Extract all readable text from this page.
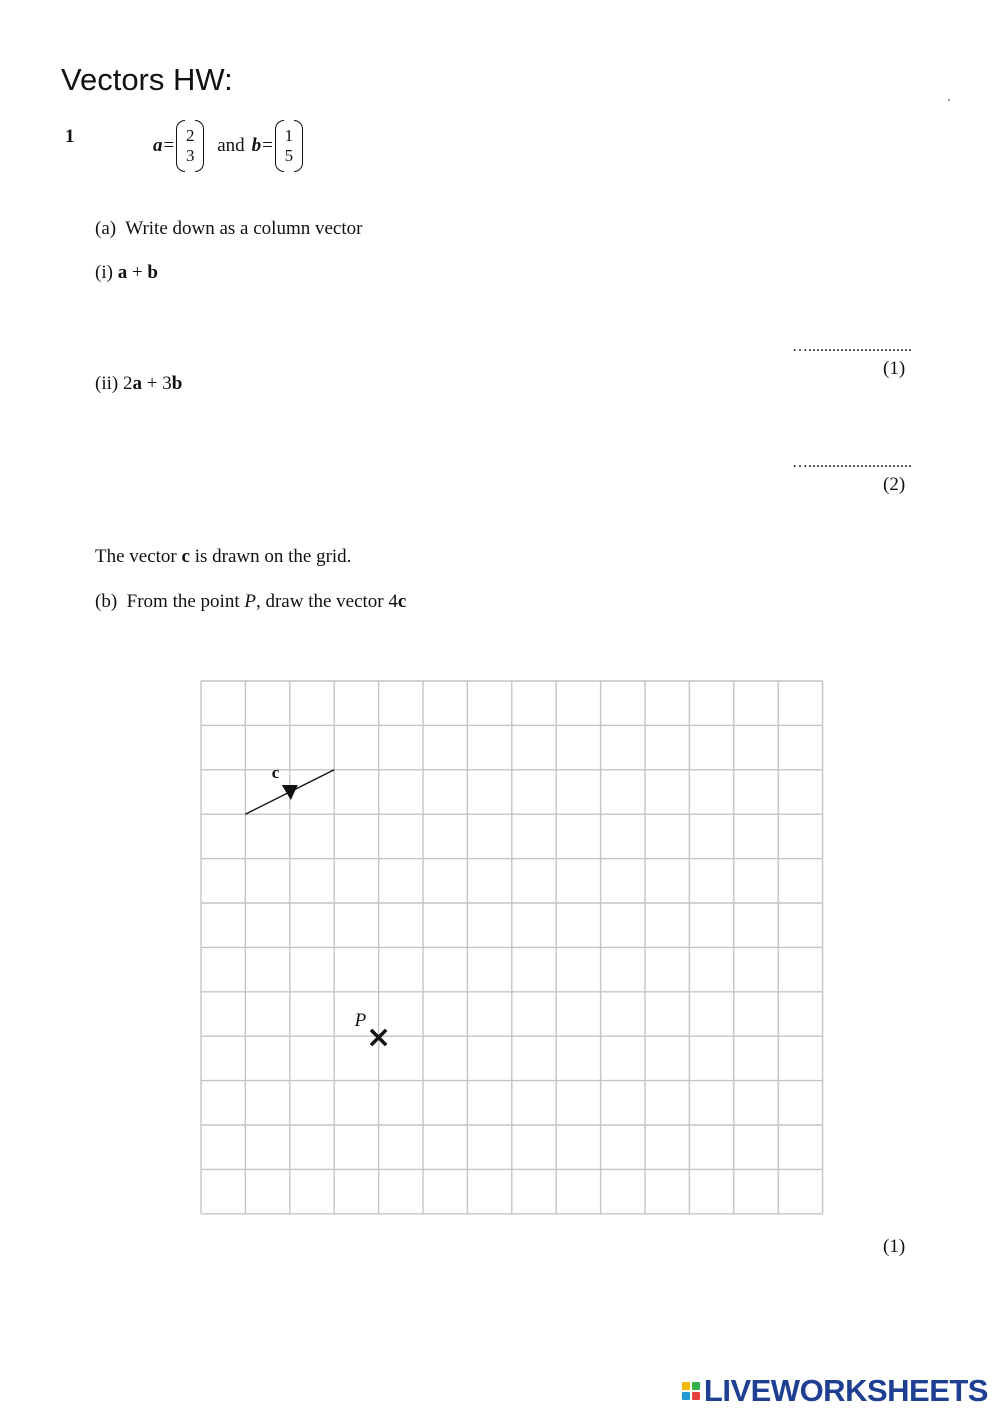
Vectors HW:
1	a = 2
3 and b = 1
5
(a) Write down as a column vector
(i) a + b
…..........................
(1)
(ii) 2a + 3b
…..........................
(2)
The vector c is drawn on the grid.
(b) From the point P, draw the vector 4c
c
P ×
(1)
LIVEWORKSHEETS
